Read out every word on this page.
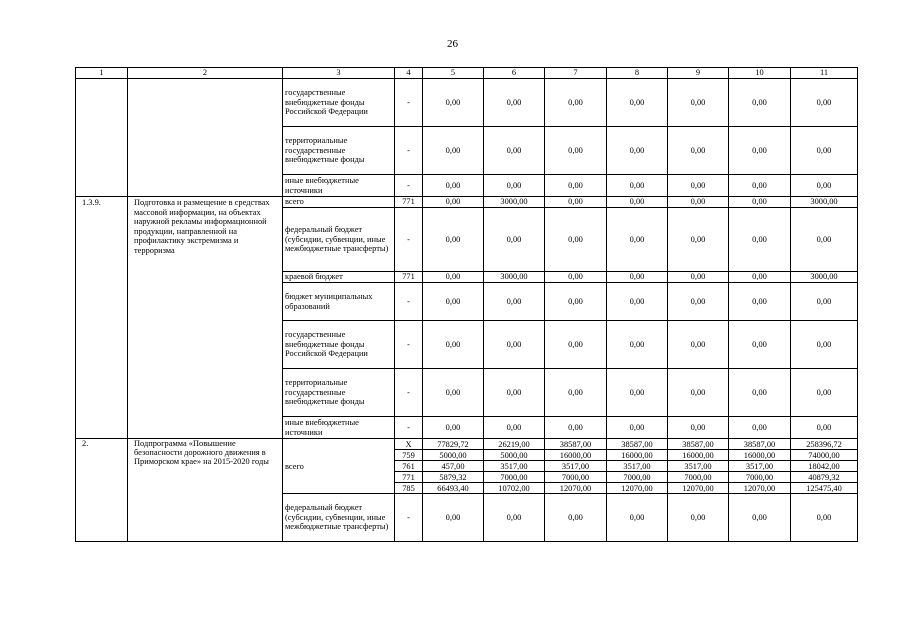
26
1	2	3	4	5	6	7	8	9	10	11
		государственные внебюджетные фонды Российской Федерации	-	0,00	0,00	0,00	0,00	0,00	0,00	0,00
		территориальные государственные внебюджетные фонды	-	0,00	0,00	0,00	0,00	0,00	0,00	0,00
		иные внебюджетные источники	-	0,00	0,00	0,00	0,00	0,00	0,00	0,00
1.3.9.	Подготовка и размещение в средствах массовой информации, на объектах наружной рекламы информационной продукции, направленной на профилактику экстремизма и терроризма	всего	771	0,00	3000,00	0,00	0,00	0,00	0,00	3000,00
		федеральный бюджет (субсидии, субвенции, иные межбюджетные трансферты)	-	0,00	0,00	0,00	0,00	0,00	0,00	0,00
		краевой бюджет	771	0,00	3000,00	0,00	0,00	0,00	0,00	3000,00
		бюджет муниципальных образований	-	0,00	0,00	0,00	0,00	0,00	0,00	0,00
		государственные внебюджетные фонды Российской Федерации	-	0,00	0,00	0,00	0,00	0,00	0,00	0,00
		территориальные государственные внебюджетные фонды	-	0,00	0,00	0,00	0,00	0,00	0,00	0,00
		иные внебюджетные источники	-	0,00	0,00	0,00	0,00	0,00	0,00	0,00
2.	Подпрограмма «Повышение безопасности дорожного движения в Приморском крае» на 2015-2020 годы	всего	X	77829,72	26219,00	38587,00	38587,00	38587,00	38587,00	258396,72
			759	5000,00	5000,00	16000,00	16000,00	16000,00	16000,00	74000,00
			761	457,00	3517,00	3517,00	3517,00	3517,00	3517,00	18042,00
			771	5879,32	7000,00	7000,00	7000,00	7000,00	7000,00	40879,32
			785	66493,40	10702,00	12070,00	12070,00	12070,00	12070,00	125475,40
		федеральный бюджет (субсидии, субвенции, иные межбюджетные трансферты)	-	0,00	0,00	0,00	0,00	0,00	0,00	0,00
